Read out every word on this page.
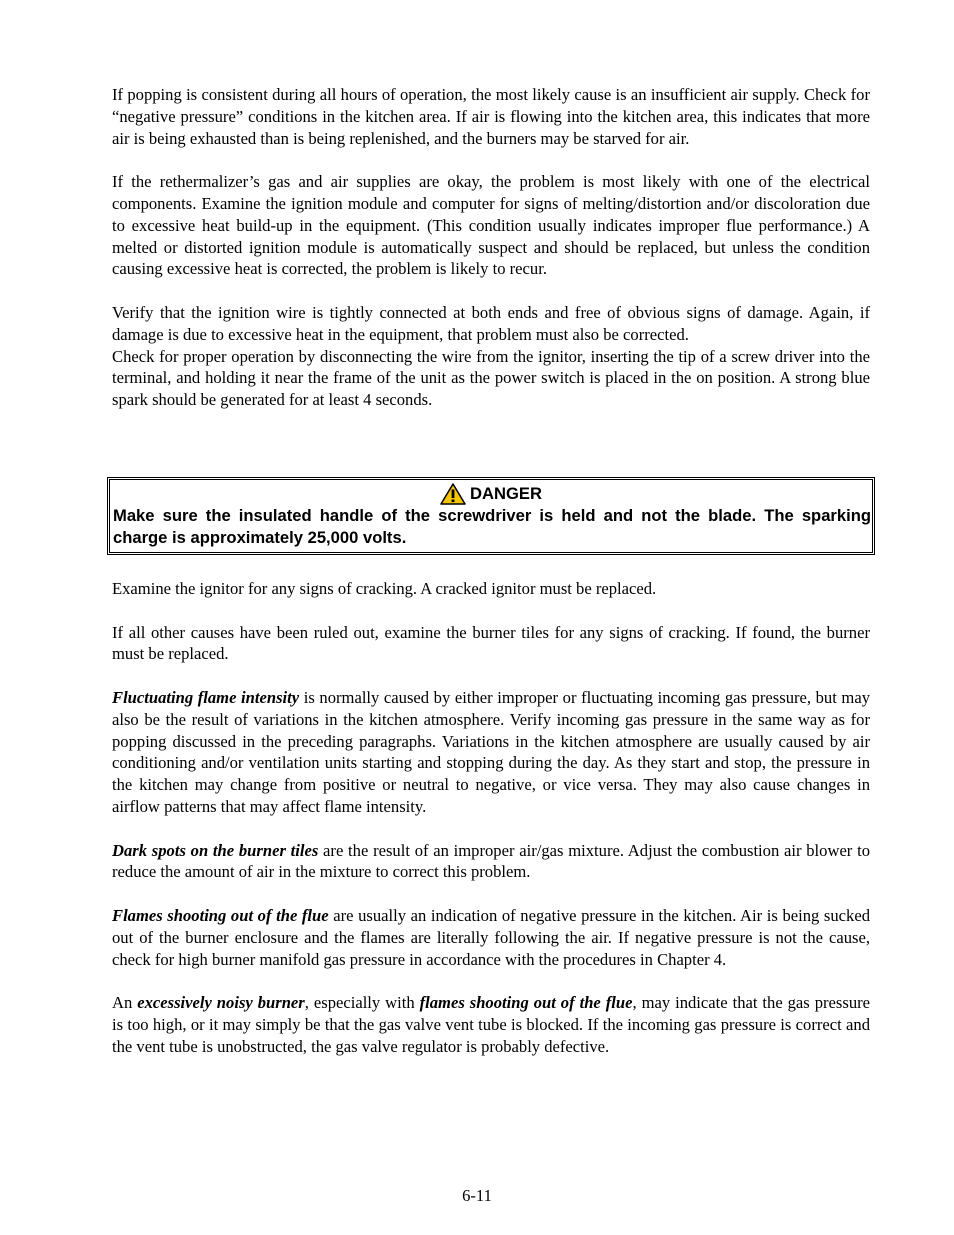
If popping is consistent during all hours of operation, the most likely cause is an insufficient air supply. Check for “negative pressure” conditions in the kitchen area. If air is flowing into the kitchen area, this indicates that more air is being exhausted than is being replenished, and the burners may be starved for air.

If the rethermalizer’s gas and air supplies are okay, the problem is most likely with one of the electrical components. Examine the ignition module and computer for signs of melting/distortion and/or discoloration due to excessive heat build-up in the equipment. (This condition usually indicates improper flue performance.) A melted or distorted ignition module is automatically suspect and should be replaced, but unless the condition causing excessive heat is corrected, the problem is likely to recur.

Verify that the ignition wire is tightly connected at both ends and free of obvious signs of damage. Again, if damage is due to excessive heat in the equipment, that problem must also be corrected.

Check for proper operation by disconnecting the wire from the ignitor, inserting the tip of a screw driver into the terminal, and holding it near the frame of the unit as the power switch is placed in the on position. A strong blue spark should be generated for at least 4 seconds.

DANGER
Make sure the insulated handle of the screwdriver is held and not the blade. The sparking charge is approximately 25,000 volts.

Examine the ignitor for any signs of cracking. A cracked ignitor must be replaced.

If all other causes have been ruled out, examine the burner tiles for any signs of cracking. If found, the burner must be replaced.

Fluctuating flame intensity is normally caused by either improper or fluctuating incoming gas pressure, but may also be the result of variations in the kitchen atmosphere. Verify incoming gas pressure in the same way as for popping discussed in the preceding paragraphs. Variations in the kitchen atmosphere are usually caused by air conditioning and/or ventilation units starting and stopping during the day. As they start and stop, the pressure in the kitchen may change from positive or neutral to negative, or vice versa. They may also cause changes in airflow patterns that may affect flame intensity.

Dark spots on the burner tiles are the result of an improper air/gas mixture. Adjust the combustion air blower to reduce the amount of air in the mixture to correct this problem.

Flames shooting out of the flue are usually an indication of negative pressure in the kitchen. Air is being sucked out of the burner enclosure and the flames are literally following the air. If negative pressure is not the cause, check for high burner manifold gas pressure in accordance with the procedures in Chapter 4.

An excessively noisy burner, especially with flames shooting out of the flue, may indicate that the gas pressure is too high, or it may simply be that the gas valve vent tube is blocked. If the incoming gas pressure is correct and the vent tube is unobstructed, the gas valve regulator is probably defective.

6-11
